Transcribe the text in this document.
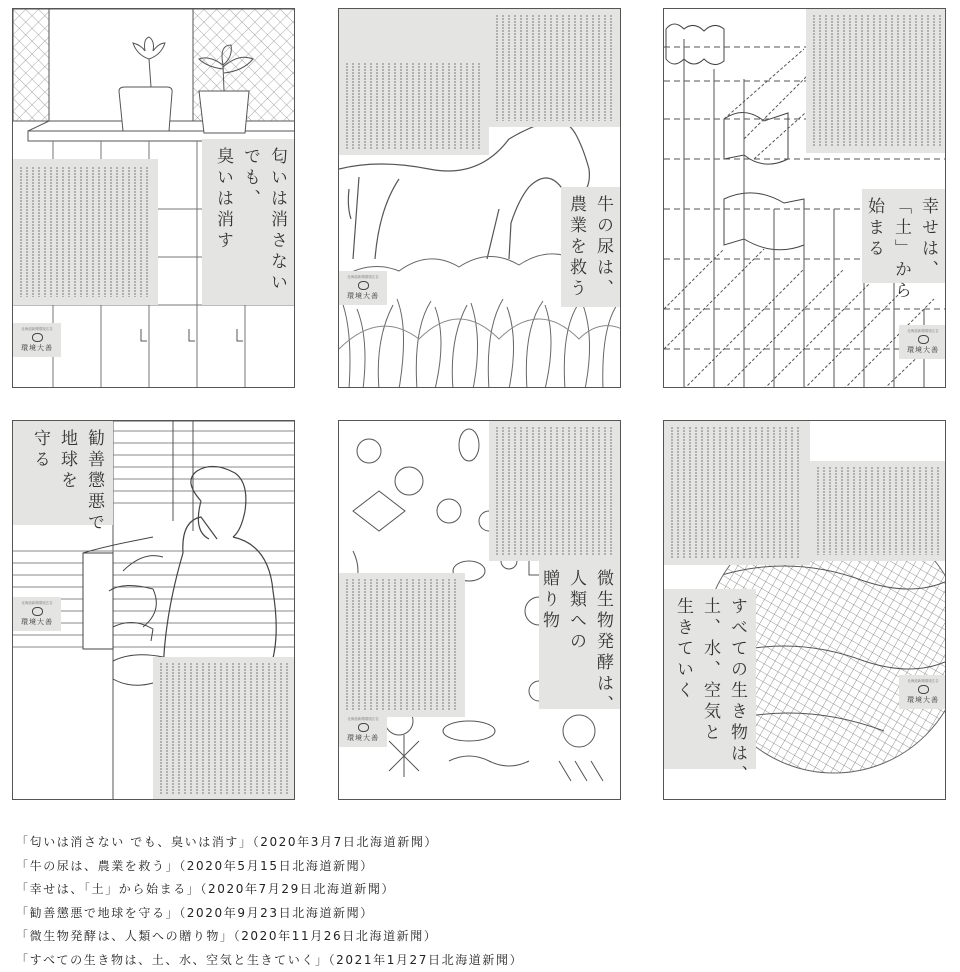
匂いは消さない
でも、
臭いは消す
北海道新聞環境広告
環境大善
牛の尿は、
農業を救う
北海道新聞環境広告
環境大善
幸せは、
「土」から
始まる
北海道新聞環境広告
環境大善
勧善懲悪で
地球を
守る
北海道新聞環境広告
環境大善	微生物発酵は、
人類への
贈り物
北海道新聞環境広告
環境大善
北海道新聞環境広告
環境大善
すべての生き物は、
土、水、空気と
生きていく
「匂いは消さない でも、臭いは消す」（2020年3月7日北海道新聞）
「牛の尿は、農業を救う」（2020年5月15日北海道新聞）
「幸せは、「土」から始まる」（2020年7月29日北海道新聞）
「勧善懲悪で地球を守る」（2020年9月23日北海道新聞）
「微生物発酵は、人類への贈り物」（2020年11月26日北海道新聞）
「すべての生き物は、土、水、空気と生きていく」（2021年1月27日北海道新聞）
